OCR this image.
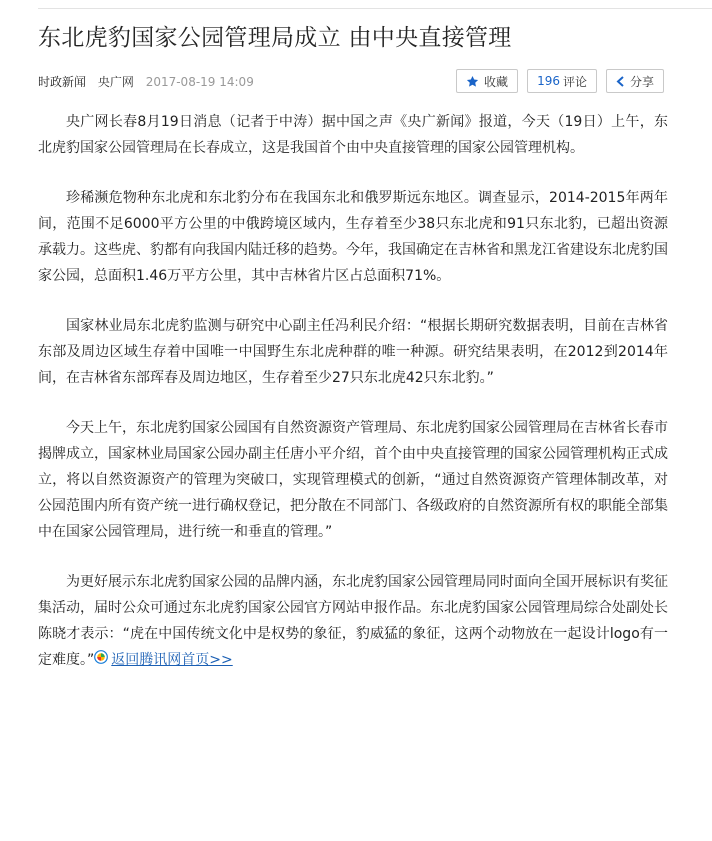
东北虎豹国家公园管理局成立 由中央直接管理
时政新闻 央广网 2017-08-19 14:09	收藏 196 评论	分享

央广网长春8月19日消息（记者于中涛）据中国之声《央广新闻》报道，今天（19日）上午，东北虎豹国家公园管理局在长春成立，这是我国首个由中央直接管理的国家公园管理机构。

珍稀濒危物种东北虎和东北豹分布在我国东北和俄罗斯远东地区。调查显示，2014-2015年两年间，范围不足6000平方公里的中俄跨境区域内，生存着至少38只东北虎和91只东北豹，已超出资源承载力。这些虎、豹都有向我国内陆迁移的趋势。今年，我国确定在吉林省和黑龙江省建设东北虎豹国家公园，总面积1.46万平方公里，其中吉林省片区占总面积71%。

国家林业局东北虎豹监测与研究中心副主任冯利民介绍：“根据长期研究数据表明，目前在吉林省东部及周边区域生存着中国唯一中国野生东北虎种群的唯一种源。研究结果表明，在2012到2014年间，在吉林省东部珲春及周边地区，生存着至少27只东北虎42只东北豹。”

今天上午，东北虎豹国家公园国有自然资源资产管理局、东北虎豹国家公园管理局在吉林省长春市揭牌成立，国家林业局国家公园办副主任唐小平介绍，首个由中央直接管理的国家公园管理机构正式成立，将以自然资源资产的管理为突破口，实现管理模式的创新，“通过自然资源资产管理体制改革，对公园范围内所有资产统一进行确权登记，把分散在不同部门、各级政府的自然资源所有权的职能全部集中在国家公园管理局，进行统一和垂直的管理。”

为更好展示东北虎豹国家公园的品牌内涵，东北虎豹国家公园管理局同时面向全国开展标识有奖征集活动，届时公众可通过东北虎豹国家公园官方网站申报作品。东北虎豹国家公园管理局综合处副处长陈晓才表示：“虎在中国传统文化中是权势的象征，豹威猛的象征，这两个动物放在一起设计logo有一定难度。” 返回腾讯网首页>>
